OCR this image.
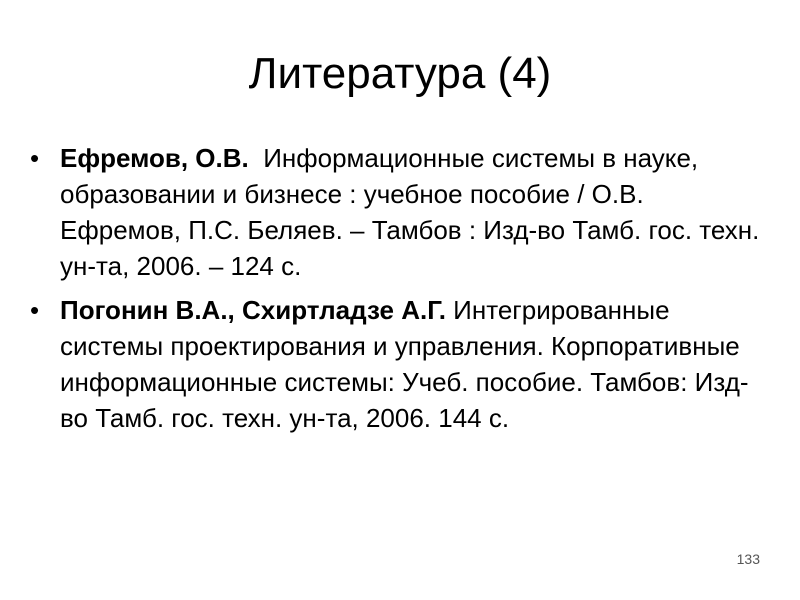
Литература (4)
• Ефремов, О.В. Информационные системы в науке, образовании и бизнесе : учебное пособие / О.В. Ефремов, П.С. Беляев. – Тамбов : Изд-во Тамб. гос. техн. ун-та, 2006. – 124 с.
• Погонин В.А., Схиртладзе А.Г. Интегрированные системы проектирования и управления. Корпоративные информационные системы: Учеб. пособие. Тамбов: Изд-во Тамб. гос. техн. ун-та, 2006. 144 с.
133
